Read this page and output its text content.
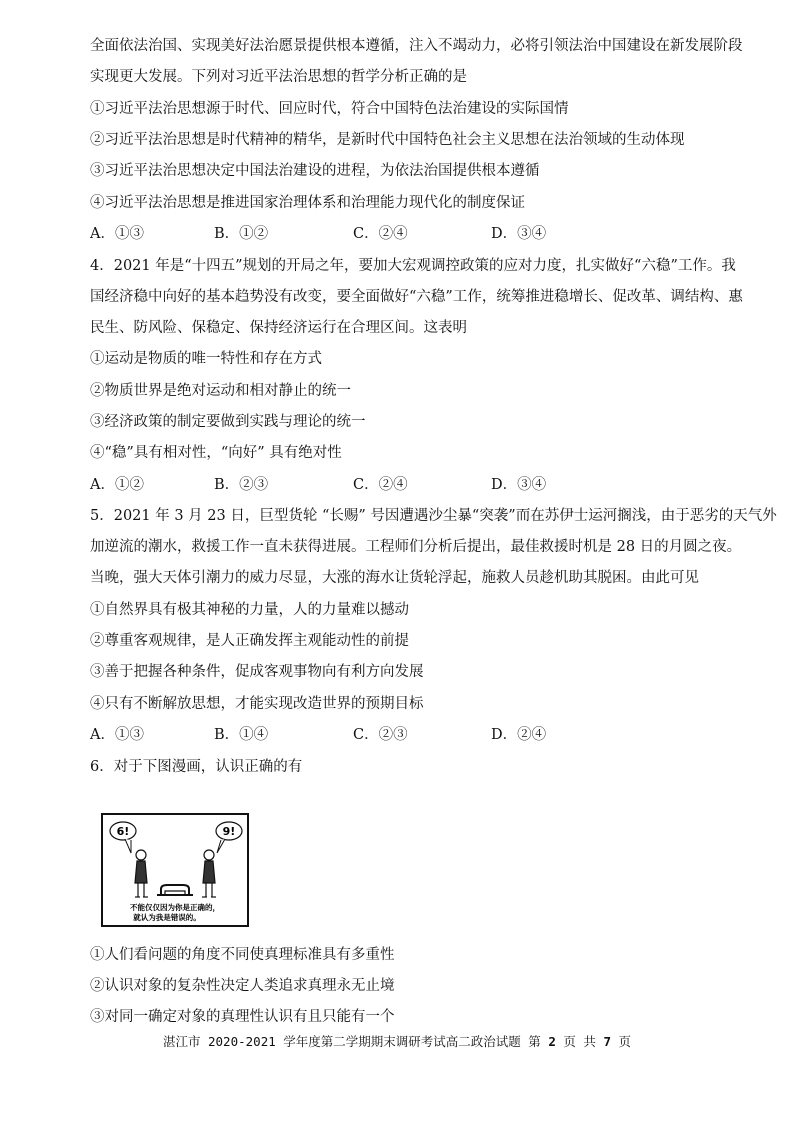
全面依法治国、实现美好法治愿景提供根本遵循，注入不竭动力，必将引领法治中国建设在新发展阶段
实现更大发展。下列对习近平法治思想的哲学分析正确的是
①习近平法治思想源于时代、回应时代，符合中国特色法治建设的实际国情
②习近平法治思想是时代精神的精华，是新时代中国特色社会主义思想在法治领域的生动体现
③习近平法治思想决定中国法治建设的进程，为依法治国提供根本遵循
④习近平法治思想是推进国家治理体系和治理能力现代化的制度保证
A．①③	B．①②	C．②④	D．③④
4．2021 年是“十四五”规划的开局之年，要加大宏观调控政策的应对力度，扎实做好“六稳”工作。我
国经济稳中向好的基本趋势没有改变，要全面做好“六稳”工作，统筹推进稳增长、促改革、调结构、惠
民生、防风险、保稳定、保持经济运行在合理区间。这表明
①运动是物质的唯一特性和存在方式
②物质世界是绝对运动和相对静止的统一
③经济政策的制定要做到实践与理论的统一
④“稳”具有相对性，“向好” 具有绝对性
A．①②	B．②③	C．②④	D．③④
5．2021 年 3 月 23 日，巨型货轮 “长赐” 号因遭遇沙尘暴“突袭”而在苏伊士运河搁浅，由于恶劣的天气外
加逆流的潮水，救援工作一直未获得进展。工程师们分析后提出，最佳救援时机是 28 日的月圆之夜。
当晚，强大天体引潮力的威力尽显，大涨的海水让货轮浮起，施救人员趁机助其脱困。由此可见
①自然界具有极其神秘的力量，人的力量难以撼动
②尊重客观规律，是人正确发挥主观能动性的前提
③善于把握各种条件，促成客观事物向有利方向发展
④只有不断解放思想，才能实现改造世界的预期目标
A．①③	B．①④	C．②③	D．②④
6．对于下图漫画，认识正确的有
6!	9!
不能仅仅因为你是正确的，
就认为我是错误的。
①人们看问题的角度不同使真理标准具有多重性
②认识对象的复杂性决定人类追求真理永无止境
③对同一确定对象的真理性认识有且只能有一个
湛江市 2020-2021 学年度第二学期期末调研考试高二政治试题 第 2 页 共 7 页
